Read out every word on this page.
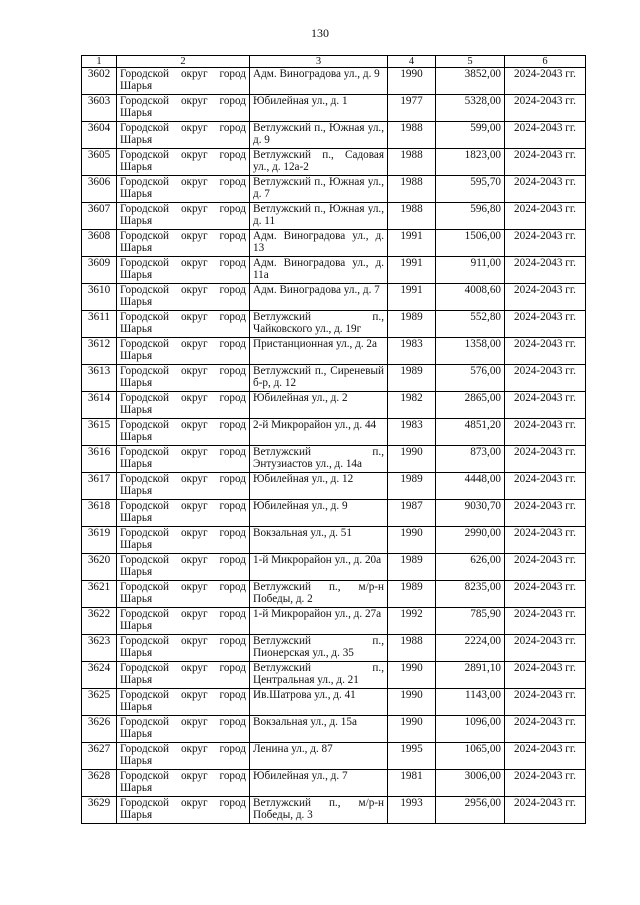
130
1	2	3	4	5	6
3602	Городской округ город Шарья	Адм. Виноградова ул., д. 9	1990	3852,00	2024-2043 гг.
3603	Городской округ город Шарья	Юбилейная ул., д. 1	1977	5328,00	2024-2043 гг.
3604	Городской округ город Шарья	Ветлужский п., Южная ул., д. 9	1988	599,00	2024-2043 гг.
3605	Городской округ город Шарья	Ветлужский п., Садовая ул., д. 12а-2	1988	1823,00	2024-2043 гг.
3606	Городской округ город Шарья	Ветлужский п., Южная ул., д. 7	1988	595,70	2024-2043 гг.
3607	Городской округ город Шарья	Ветлужский п., Южная ул., д. 11	1988	596,80	2024-2043 гг.
3608	Городской округ город Шарья	Адм. Виноградова ул., д. 13	1991	1506,00	2024-2043 гг.
3609	Городской округ город Шарья	Адм. Виноградова ул., д. 11а	1991	911,00	2024-2043 гг.
3610	Городской округ город Шарья	Адм. Виноградова ул., д. 7	1991	4008,60	2024-2043 гг.
3611	Городской округ город Шарья	Ветлужский п., Чайковского ул., д. 19г	1989	552,80	2024-2043 гг.
3612	Городской округ город Шарья	Пристанционная ул., д. 2а	1983	1358,00	2024-2043 гг.
3613	Городской округ город Шарья	Ветлужский п., Сиреневый б-р, д. 12	1989	576,00	2024-2043 гг.
3614	Городской округ город Шарья	Юбилейная ул., д. 2	1982	2865,00	2024-2043 гг.
3615	Городской округ город Шарья	2-й Микрорайон ул., д. 44	1983	4851,20	2024-2043 гг.
3616	Городской округ город Шарья	Ветлужский п., Энтузиастов ул., д. 14а	1990	873,00	2024-2043 гг.
3617	Городской округ город Шарья	Юбилейная ул., д. 12	1989	4448,00	2024-2043 гг.
3618	Городской округ город Шарья	Юбилейная ул., д. 9	1987	9030,70	2024-2043 гг.
3619	Городской округ город Шарья	Вокзальная ул., д. 51	1990	2990,00	2024-2043 гг.
3620	Городской округ город Шарья	1-й Микрорайон ул., д. 20а	1989	626,00	2024-2043 гг.
3621	Городской округ город Шарья	Ветлужский п., м/р-н Победы, д. 2	1989	8235,00	2024-2043 гг.
3622	Городской округ город Шарья	1-й Микрорайон ул., д. 27а	1992	785,90	2024-2043 гг.
3623	Городской округ город Шарья	Ветлужский п., Пионерская ул., д. 35	1988	2224,00	2024-2043 гг.
3624	Городской округ город Шарья	Ветлужский п., Центральная ул., д. 21	1990	2891,10	2024-2043 гг.
3625	Городской округ город Шарья	Ив.Шатрова ул., д. 41	1990	1143,00	2024-2043 гг.
3626	Городской округ город Шарья	Вокзальная ул., д. 15а	1990	1096,00	2024-2043 гг.
3627	Городской округ город Шарья	Ленина ул., д. 87	1995	1065,00	2024-2043 гг.
3628	Городской округ город Шарья	Юбилейная ул., д. 7	1981	3006,00	2024-2043 гг.
3629	Городской округ город Шарья	Ветлужский п., м/р-н Победы, д. 3	1993	2956,00	2024-2043 гг.
